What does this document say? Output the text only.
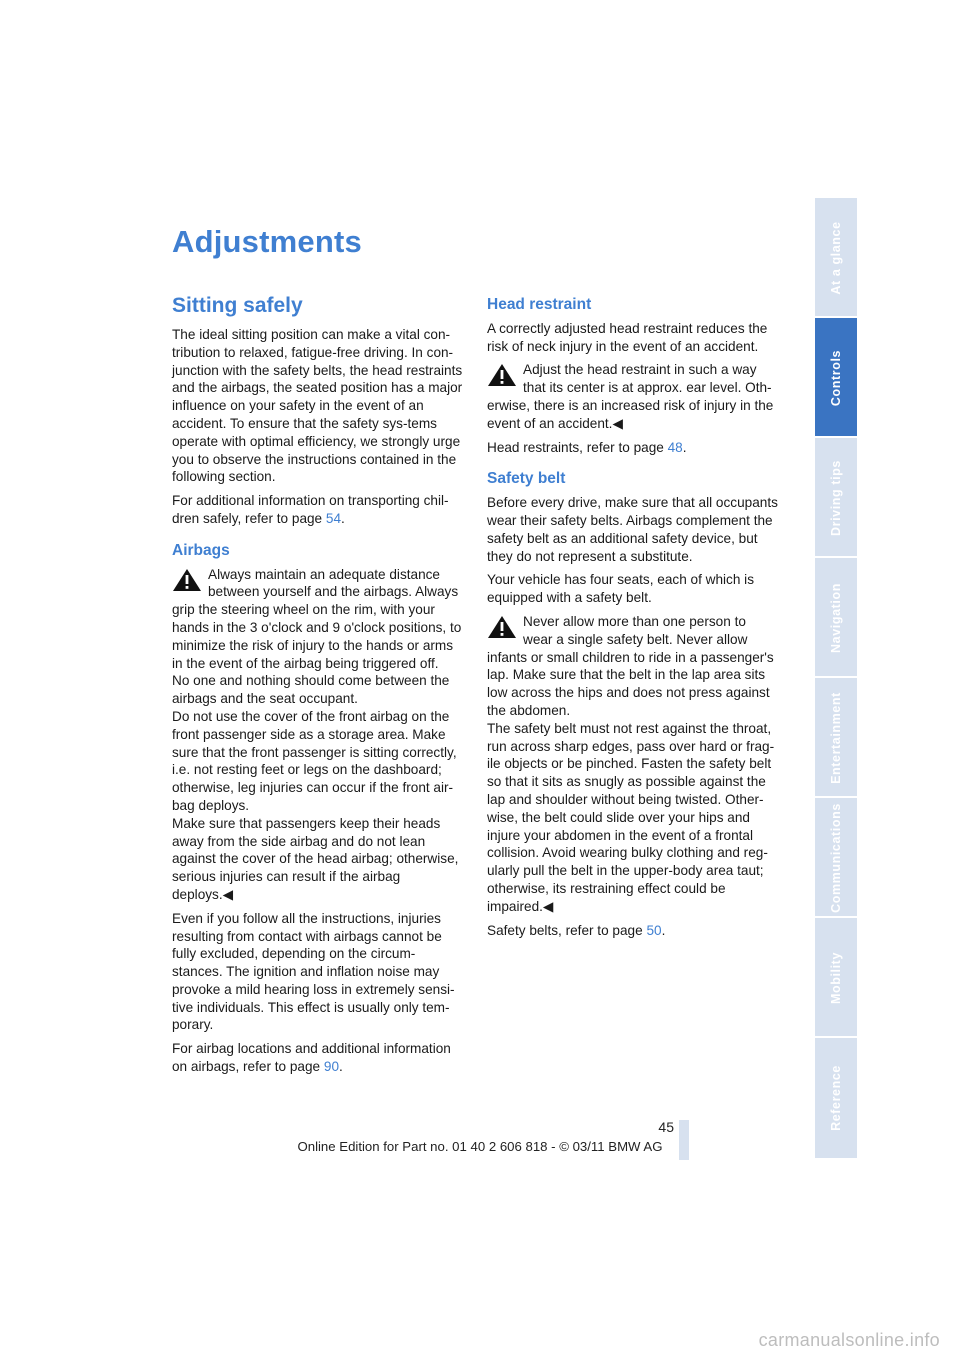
Adjustments
Sitting safely

The ideal sitting position can make a vital con-tribution to relaxed, fatigue-free driving. In con-junction with the safety belts, the head restraints and the airbags, the seated position has a major influence on your safety in the event of an accident. To ensure that the safety sys-tems operate with optimal efficiency, we strongly urge you to observe the instructions contained in the following section.

For additional information on transporting chil-dren safely, refer to page 54.

Airbags

Always maintain an adequate distance between yourself and the airbags. Always grip the steering wheel on the rim, with your hands in the 3 o'clock and 9 o'clock positions, to minimize the risk of injury to the hands or arms in the event of the airbag being triggered off.

No one and nothing should come between the airbags and the seat occupant.

Do not use the cover of the front airbag on the front passenger side as a storage area. Make sure that the front passenger is sitting correctly, i.e. not resting feet or legs on the dashboard; otherwise, leg injuries can occur if the front air-bag deploys.

Make sure that passengers keep their heads away from the side airbag and do not lean against the cover of the head airbag; otherwise, serious injuries can result if the airbag deploys.◀

Even if you follow all the instructions, injuries resulting from contact with airbags cannot be fully excluded, depending on the circum-stances. The ignition and inflation noise may provoke a mild hearing loss in extremely sensi-tive individuals. This effect is usually only tem-porary.

For airbag locations and additional information on airbags, refer to page 90.

Head restraint

A correctly adjusted head restraint reduces the risk of neck injury in the event of an accident.

Adjust the head restraint in such a way that its center is at approx. ear level. Oth-erwise, there is an increased risk of injury in the event of an accident.◀

Head restraints, refer to page 48.

Safety belt

Before every drive, make sure that all occupants wear their safety belts. Airbags complement the safety belt as an additional safety device, but they do not represent a substitute.

Your vehicle has four seats, each of which is equipped with a safety belt.

Never allow more than one person to wear a single safety belt. Never allow infants or small children to ride in a passenger's lap. Make sure that the belt in the lap area sits low across the hips and does not press against the abdomen.

The safety belt must not rest against the throat, run across sharp edges, pass over hard or frag-ile objects or be pinched. Fasten the safety belt so that it sits as snugly as possible against the lap and shoulder without being twisted. Other-wise, the belt could slide over your hips and injure your abdomen in the event of a frontal collision. Avoid wearing bulky clothing and reg-ularly pull the belt in the upper-body area taut; otherwise, its restraining effect could be impaired.◀

Safety belts, refer to page 50.

At a glance
Controls
Driving tips
Navigation
Entertainment
Communications
Mobility
Reference
45
Online Edition for Part no. 01 40 2 606 818 - © 03/11 BMW AG
carmanualsonline.info
